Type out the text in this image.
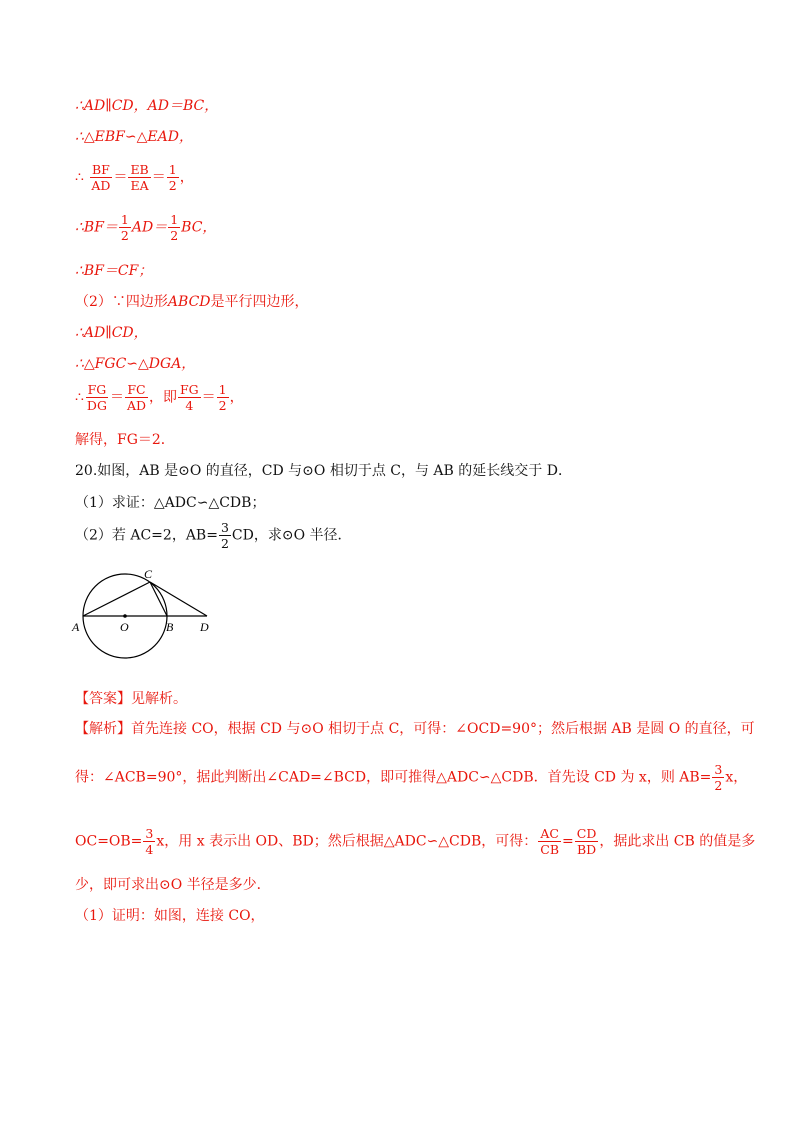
∴AD∥CD，AD＝BC，
∴△EBF∽△EAD，
∴ $\frac{BF}{AD} = \frac{EB}{EA} = \frac{1}{2}$ ，
∴BF＝ $\frac{1}{2} AD= \frac{1}{2}$ BC，
∴BF＝CF；
（2）∵四边形ABCD是平行四边形，
∴AD∥CD，
∴△FGC∽△DGA，
∴ $\frac{FG}{DG} = \frac{FC}{AD}$ ，即 $\frac{FG}{4} = \frac{1}{2}$ ，
解得，FG＝2．
20.如图，AB 是⊙O 的直径，CD 与⊙O 相切于点 C，与 AB 的延长线交于 D．
（1）求证：△ADC∽△CDB；
（2）若 AC=2，$AB= \frac{3}{2}$ CD，求⊙O 半径．
A	O	B
C
D
【答案】见解析。
【解析】首先连接 CO，根据 CD 与⊙O 相切于点 C，可得：∠OCD=90°；然后根据 AB 是圆 O 的直径，可
得：∠ACB=90°，据此判断出∠CAD=∠BCD，即可推得△ADC∽△CDB．首先设 CD 为 x，则 $AB= \frac{3}{2}$ x，
$OC=OB= \frac{3}{4}$ x，用 x 表示出 OD、BD；然后根据△ADC∽△CDB，可得： $\frac{AC}{CB} = \frac{CD}{BD}$ ，据此求出 CB 的值是多
少，即可求出⊙O 半径是多少．
（1）证明：如图，连接 CO，
